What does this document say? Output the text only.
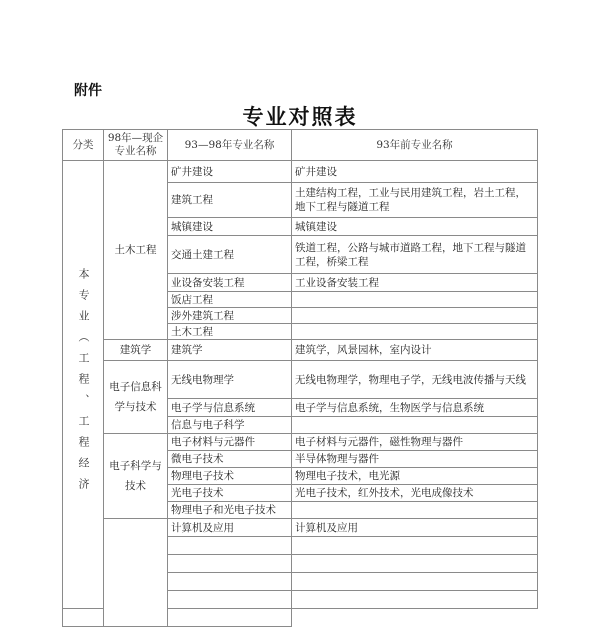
附件
专业对照表
分类	98年—现企专业名称	93—98年专业名称	93年前专业名称
本专业（工程、工程经济	土木工程	矿井建设	矿井建设
		建筑工程	土建结构工程，工业与民用建筑工程，岩土工程，地下工程与隧道工程
		城镇建设	城镇建设
		交通土建工程	铁道工程，公路与城市道路工程，地下工程与隧道工程，桥梁工程
		业设备安装工程	工业设备安装工程
		饭店工程	
		涉外建筑工程	
		土木工程	
	建筑学	建筑学	建筑学，风景园林，室内设计
	电子信息科学与技术	无线电物理学	无线电物理学，物理电子学，无线电波传播与天线
		电子学与信息系统	电子学与信息系统，生物医学与信息系统
		信息与电子科学	
	电子科学与技术	电子材料与元器件	电子材料与元器件，磁性物理与器件
		微电子技术	半导体物理与器件
		物理电子技术	物理电子技术，电光源
		光电子技术	光电子技术，红外技术，光电成像技术
		物理电子和光电子技术	
		计算机及应用	计算机及应用
